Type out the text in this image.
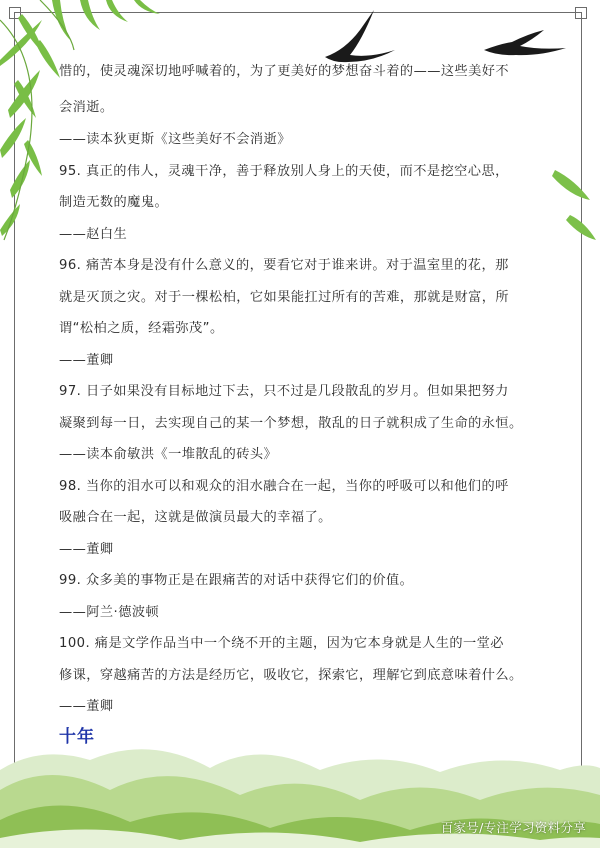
惜的，使灵魂深切地呼喊着的，为了更美好的梦想奋斗着的——这些美好不
会消逝。
——读本狄更斯《这些美好不会消逝》
95. 真正的伟人，灵魂干净，善于释放别人身上的天使，而不是挖空心思，
制造无数的魔鬼。
——赵白生
96. 痛苦本身是没有什么意义的，要看它对于谁来讲。对于温室里的花，那
就是灭顶之灾。对于一棵松柏，它如果能扛过所有的苦难，那就是财富，所
谓“松柏之质，经霜弥茂”。
——董卿
97. 日子如果没有目标地过下去，只不过是几段散乱的岁月。但如果把努力
凝聚到每一日，去实现自己的某一个梦想，散乱的日子就积成了生命的永恒。
——读本俞敏洪《一堆散乱的砖头》
98. 当你的泪水可以和观众的泪水融合在一起，当你的呼吸可以和他们的呼
吸融合在一起，这就是做演员最大的幸福了。
——董卿
99. 众多美的事物正是在跟痛苦的对话中获得它们的价值。
——阿兰·德波顿
100. 痛是文学作品当中一个绕不开的主题，因为它本身就是人生的一堂必
修课，穿越痛苦的方法是经历它，吸收它，探索它，理解它到底意味着什么。
——董卿
十年
百家号/专注学习资料分享
